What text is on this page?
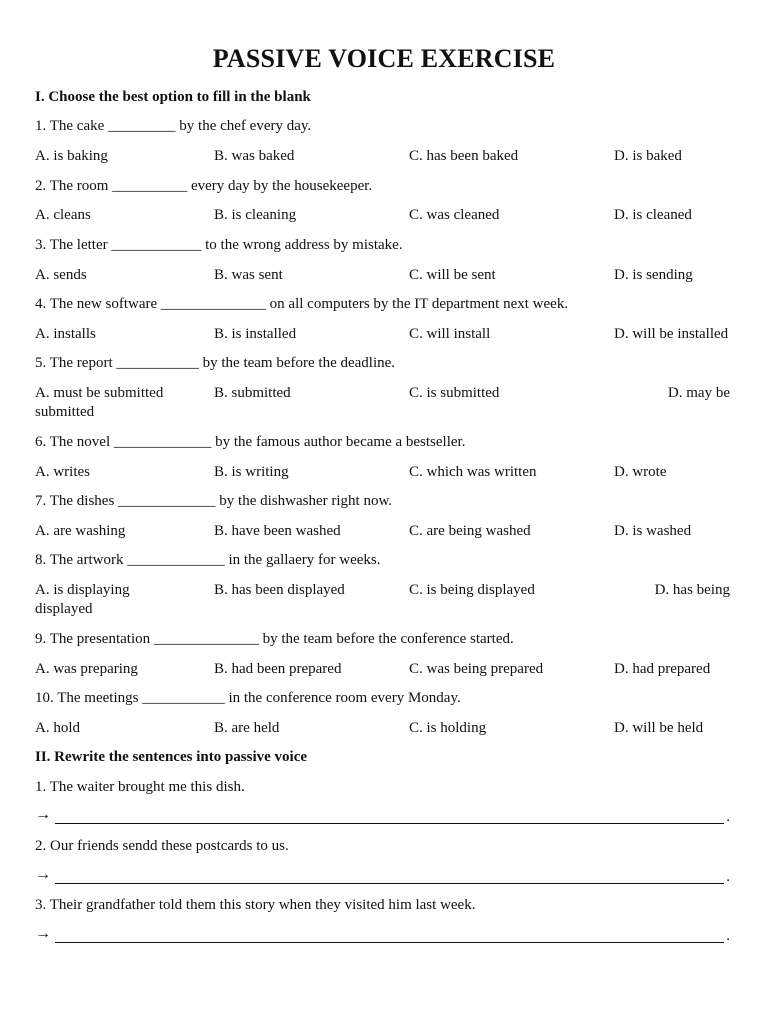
PASSIVE VOICE EXERCISE
I. Choose the best option to fill in the blank
1. The cake _________ by the chef every day.
A. is baking	B. was baked	C. has been baked	D. is baked
2. The room __________ every day by the housekeeper.
A. cleans	B. is cleaning	C. was cleaned	D. is cleaned
3. The letter ____________ to the wrong address by mistake.
A. sends	B. was sent	C. will be sent	D. is sending
4. The new software ______________ on all computers by the IT department next week.
A. installs	B. is installed	C. will install	D. will be installed
5. The report ___________ by the team before the deadline.
A. must be submitted	B. submitted	C. is submitted	D. may be
submitted
6. The novel _____________ by the famous author became a bestseller.
A. writes	B. is writing	C. which was written	D. wrote
7. The dishes _____________ by the dishwasher right now.
A. are washing	B. have been washed	C. are being washed	D. is washed
8. The artwork _____________ in the gallaery for weeks.
A. is displaying	B. has been displayed	C. is being displayed	D. has being
displayed
9. The presentation ______________ by the team before the conference started.
A. was preparing	B. had been prepared	C. was being prepared	D. had prepared
10. The meetings ___________ in the conference room every Monday.
A. hold	B. are held	C. is holding	D. will be held
II. Rewrite the sentences into passive voice
1. The waiter brought me this dish.
→	.
2. Our friends sendd these postcards to us.
→	.
3. Their grandfather told them this story when they visited him last week.
→	.
